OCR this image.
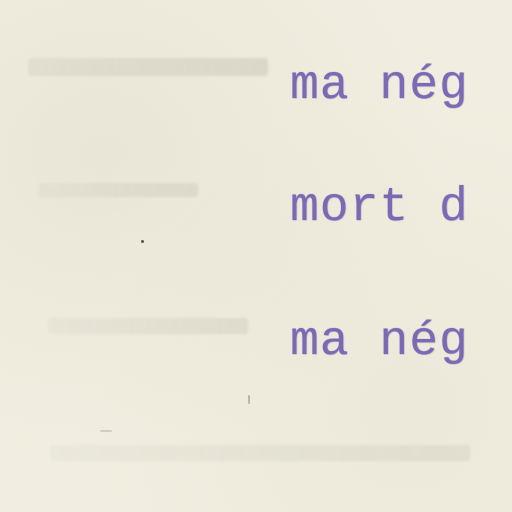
ma nég

mort d

ma nég
